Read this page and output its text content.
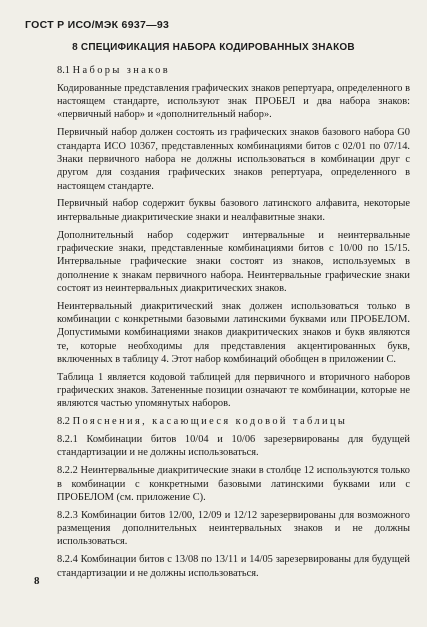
ГОСТ Р ИСО/МЭК 6937—93
8 СПЕЦИФИКАЦИЯ НАБОРА КОДИРОВАННЫХ ЗНАКОВ

8.1 Наборы знаков

Кодированные представления графических знаков репертуара, определенного в настоящем стандарте, используют знак ПРОБЕЛ и два набора знаков: «первичный набор» и «дополнительный набор».

Первичный набор должен состоять из графических знаков базового набора G0 стандарта ИСО 10367, представленных комбинациями битов с 02/01 по 07/14. Знаки первичного набора не должны использоваться в комбинации друг с другом для создания графических знаков репертуара, определенного в настоящем стандарте.

Первичный набор содержит буквы базового латинского алфавита, некоторые интервальные диакритические знаки и неалфавитные знаки.

Дополнительный набор содержит интервальные и неинтервальные графические знаки, представленные комбинациями битов с 10/00 по 15/15. Интервальные графические знаки состоят из знаков, используемых в дополнение к знакам первичного набора. Неинтервальные графические знаки состоят из неинтервальных диакритических знаков.

Неинтервальный диакритический знак должен использоваться только в комбинации с конкретными базовыми латинскими буквами или ПРОБЕЛОМ. Допустимыми комбинациями знаков диакритических знаков и букв являются те, которые необходимы для представления акцентированных букв, включенных в таблицу 4. Этот набор комбинаций обобщен в приложении С.

Таблица 1 является кодовой таблицей для первичного и вторичного наборов графических знаков. Затененные позиции означают те комбинации, которые не являются частью упомянутых наборов.

8.2 Пояснения, касающиеся кодовой таблицы

8.2.1 Комбинации битов 10/04 и 10/06 зарезервированы для будущей стандартизации и не должны использоваться.

8.2.2 Неинтервальные диакритические знаки в столбце 12 используются только в комбинации с конкретными базовыми латинскими буквами или с ПРОБЕЛОМ (см. приложение С).

8.2.3 Комбинации битов 12/00, 12/09 и 12/12 зарезервированы для возможного размещения дополнительных неинтервальных знаков и не должны использоваться.

8.2.4 Комбинации битов с 13/08 по 13/11 и 14/05 зарезервированы для будущей стандартизации и не должны использоваться.

8
